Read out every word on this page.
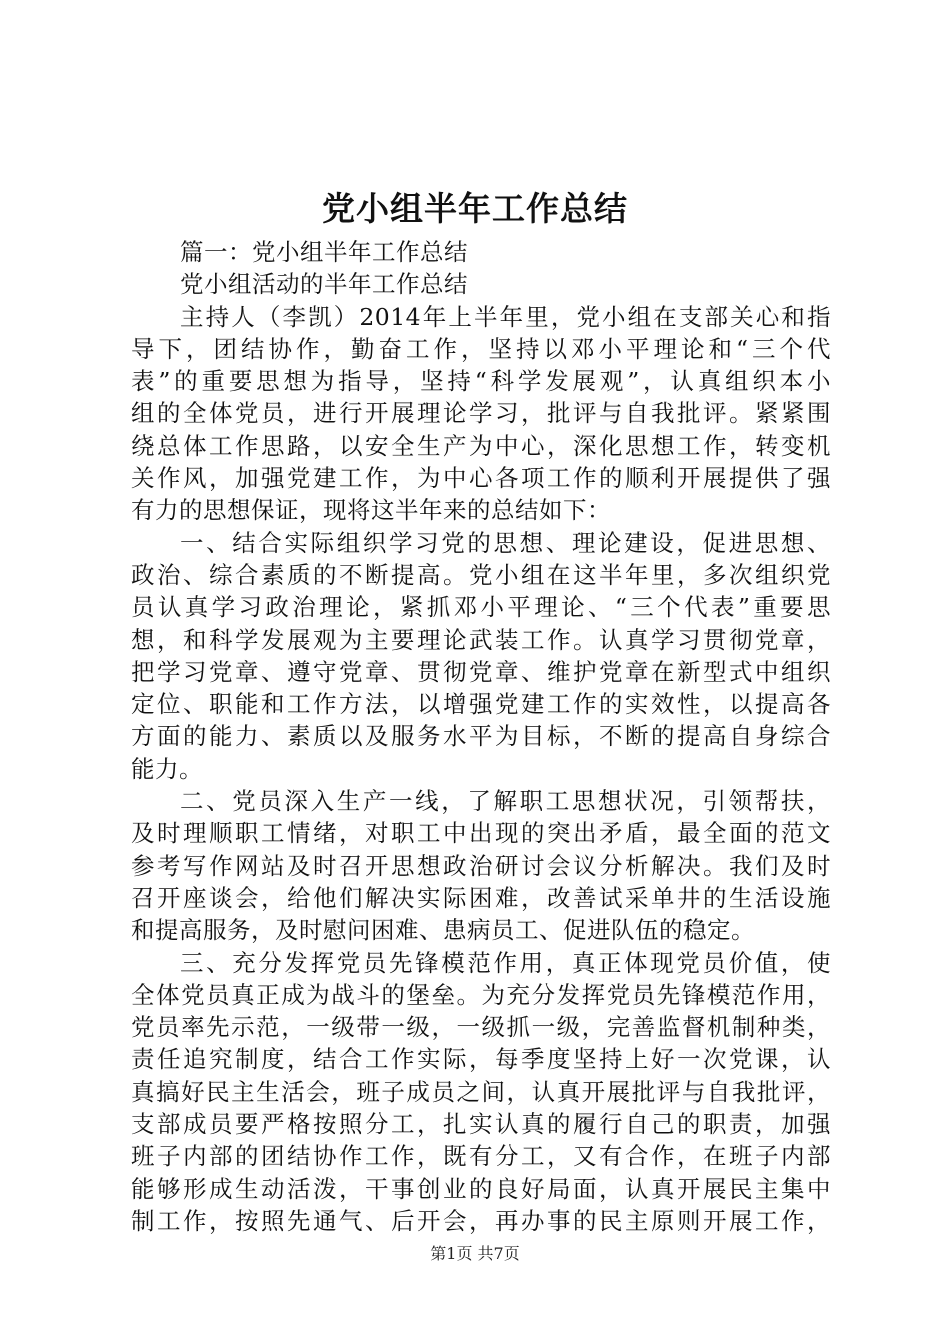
党小组半年工作总结
篇一：党小组半年工作总结
党小组活动的半年工作总结
主持人（李凯）2014年上半年里，党小组在支部关心和指
导下，团结协作，勤奋工作，坚持以邓小平理论和“三个代
表”的重要思想为指导，坚持“科学发展观”，认真组织本小
组的全体党员，进行开展理论学习，批评与自我批评。紧紧围
绕总体工作思路，以安全生产为中心，深化思想工作，转变机
关作风，加强党建工作，为中心各项工作的顺利开展提供了强
有力的思想保证，现将这半年来的总结如下：
一、结合实际组织学习党的思想、理论建设，促进思想、
政治、综合素质的不断提高。党小组在这半年里，多次组织党
员认真学习政治理论，紧抓邓小平理论、“三个代表”重要思
想，和科学发展观为主要理论武装工作。认真学习贯彻党章，
把学习党章、遵守党章、贯彻党章、维护党章在新型式中组织
定位、职能和工作方法，以增强党建工作的实效性，以提高各
方面的能力、素质以及服务水平为目标，不断的提高自身综合
能力。
二、党员深入生产一线，了解职工思想状况，引领帮扶，
及时理顺职工情绪，对职工中出现的突出矛盾，最全面的范文
参考写作网站及时召开思想政治研讨会议分析解决。我们及时
召开座谈会，给他们解决实际困难，改善试采单井的生活设施
和提高服务，及时慰问困难、患病员工、促进队伍的稳定。
三、充分发挥党员先锋模范作用，真正体现党员价值，使
全体党员真正成为战斗的堡垒。为充分发挥党员先锋模范作用，
党员率先示范，一级带一级，一级抓一级，完善监督机制种类，
责任追究制度，结合工作实际，每季度坚持上好一次党课，认
真搞好民主生活会，班子成员之间，认真开展批评与自我批评，
支部成员要严格按照分工，扎实认真的履行自己的职责，加强
班子内部的团结协作工作，既有分工，又有合作，在班子内部
能够形成生动活泼，干事创业的良好局面，认真开展民主集中
制工作，按照先通气、后开会，再办事的民主原则开展工作，
第1页 共7页
